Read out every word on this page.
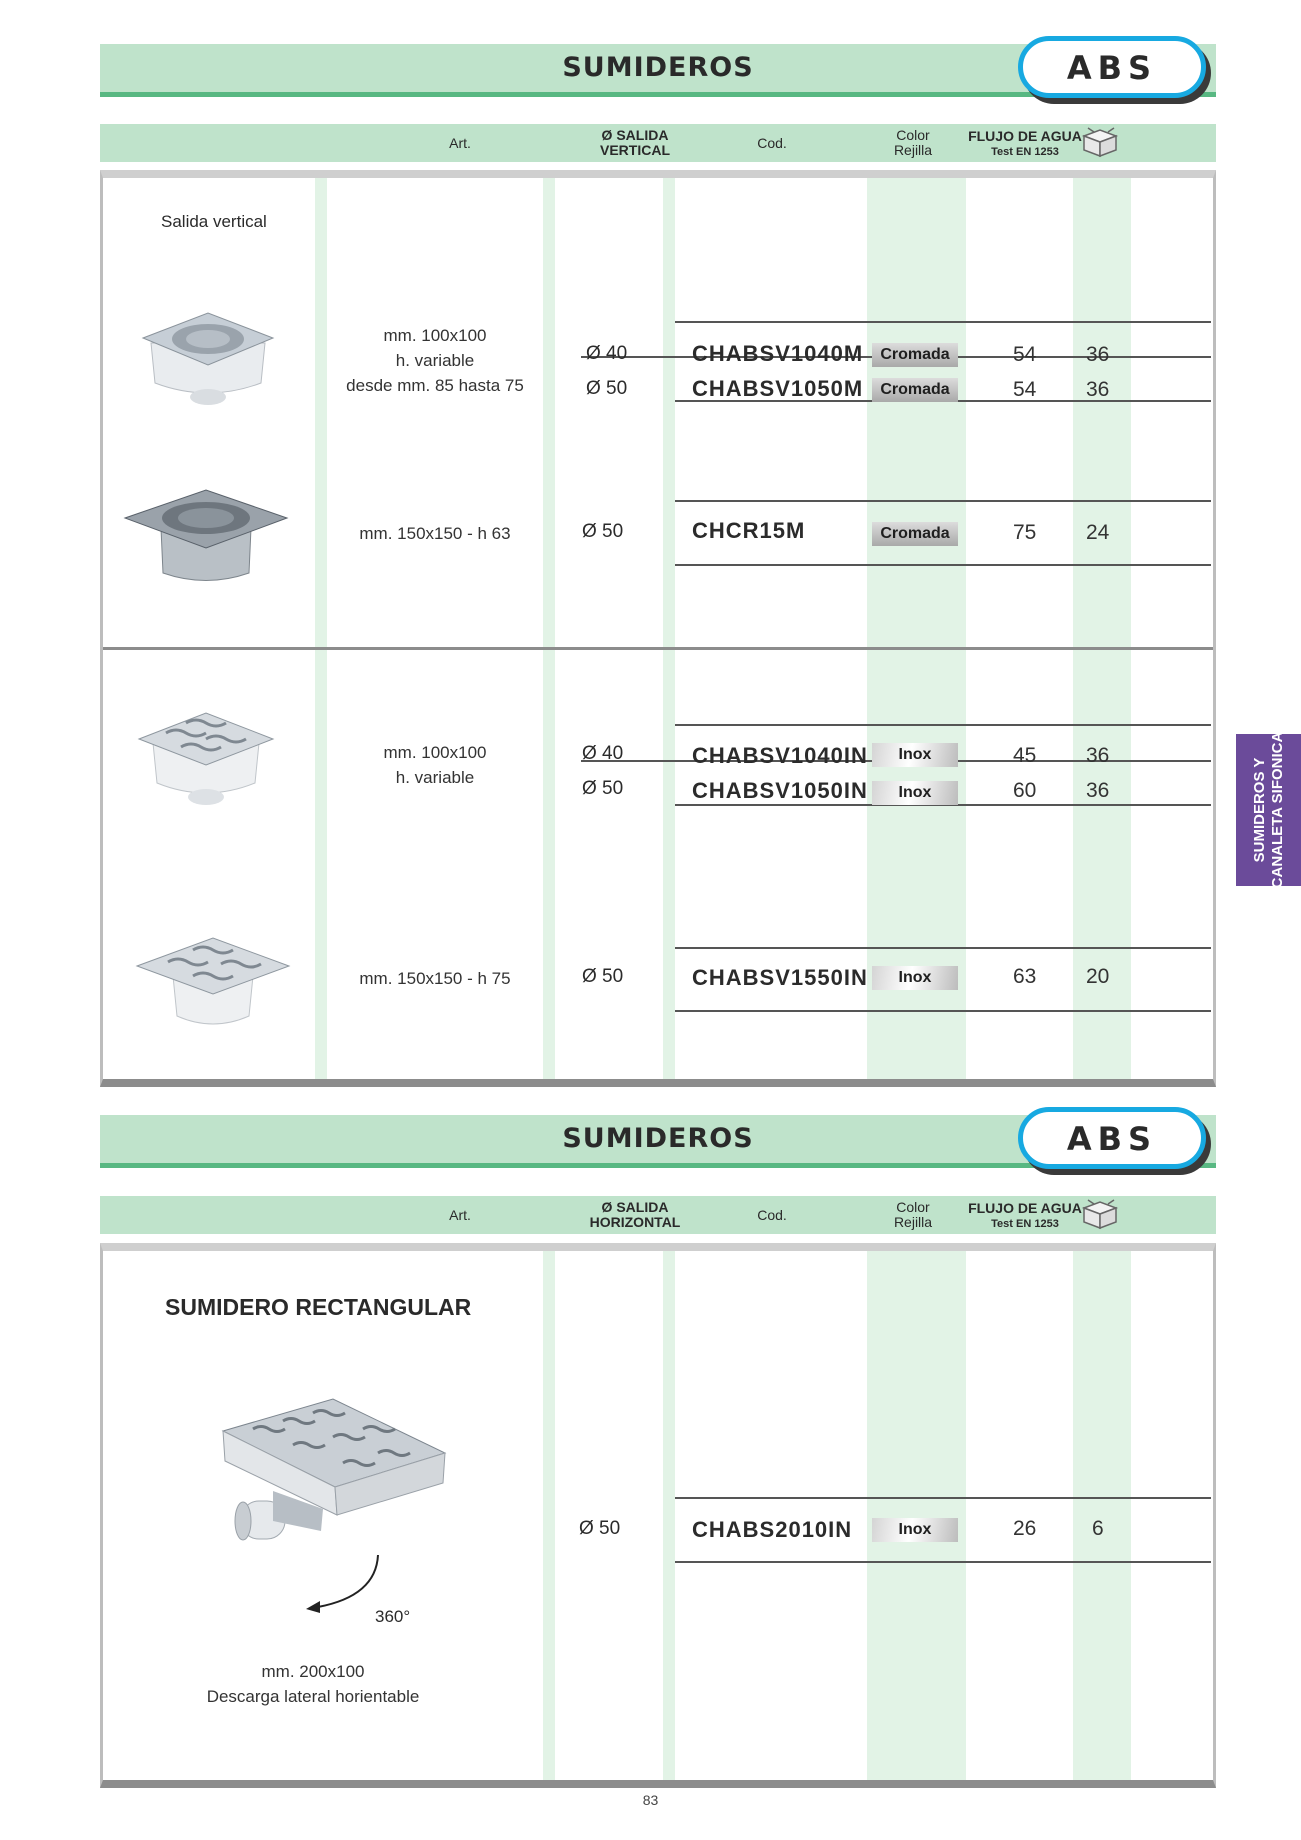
SUMIDEROS	ABS
Art.	Ø SALIDA
VERTICAL	Cod.	Color
Rejilla
FLUJO DE AGUA
Test EN 1253
Salida vertical
mm. 100x100
h. variable
desde mm. 85 hasta 75
Ø 40	CHABSV1040M	Cromada	54 36
Ø 50	CHABSV1050M	Cromada	54 36
mm. 150x150 - h 63	Ø 50	CHCR15M	Cromada	75 24
mm. 100x100
h. variable
Ø 40	CHABSV1040IN	Inox	45 36
Ø 50	CHABSV1050IN	Inox	60 36
mm. 150x150 - h 75	Ø 50	CHABSV1550IN	Inox	63 20
SUMIDEROS	ABS
Art.	Ø SALIDA
HORIZONTAL	Cod.	Color
Rejilla
FLUJO DE AGUA
Test EN 1253
SUMIDERO RECTANGULAR
360°
mm. 200x100
Descarga lateral horientable
Ø 50	CHABS2010IN	Inox	26	6
SUMIDEROS Y
CANALETA SIFONICA
83
